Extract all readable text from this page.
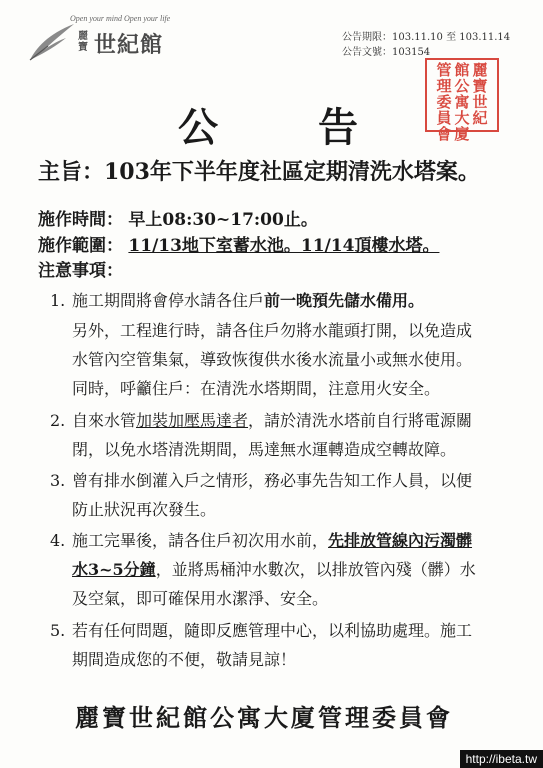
Open your mind Open your life
麗寶 世紀館	公告期限：103.11.10 至 103.11.14
公告文號：103154
麗寶世紀
館公寓大廈
管理委員會
公　告
主旨：103年下半年度社區定期清洗水塔案。
施作時間： 早上08:30~17:00止。
施作範圍： 11/13地下室蓄水池。11/14頂樓水塔。
注意事項：
1. 施工期間將會停水請各住戶前一晚預先儲水備用。
另外，工程進行時，請各住戶勿將水龍頭打開，以免造成
水管內空管集氣，導致恢復供水後水流量小或無水使用。
同時，呼籲住戶：在清洗水塔期間，注意用火安全。
2. 自來水管加裝加壓馬達者，請於清洗水塔前自行將電源關
閉，以免水塔清洗期間，馬達無水運轉造成空轉故障。
3. 曾有排水倒灌入戶之情形，務必事先告知工作人員，以便
防止狀況再次發生。
4. 施工完畢後，請各住戶初次用水前，先排放管線內污濁髒
水3~5分鐘，並將馬桶沖水數次，以排放管內殘（髒）水
及空氣，即可確保用水潔淨、安全。
5. 若有任何問題，隨即反應管理中心，以利協助處理。施工
期間造成您的不便，敬請見諒！
麗寶世紀館公寓大廈管理委員會
http://ibeta.tw
